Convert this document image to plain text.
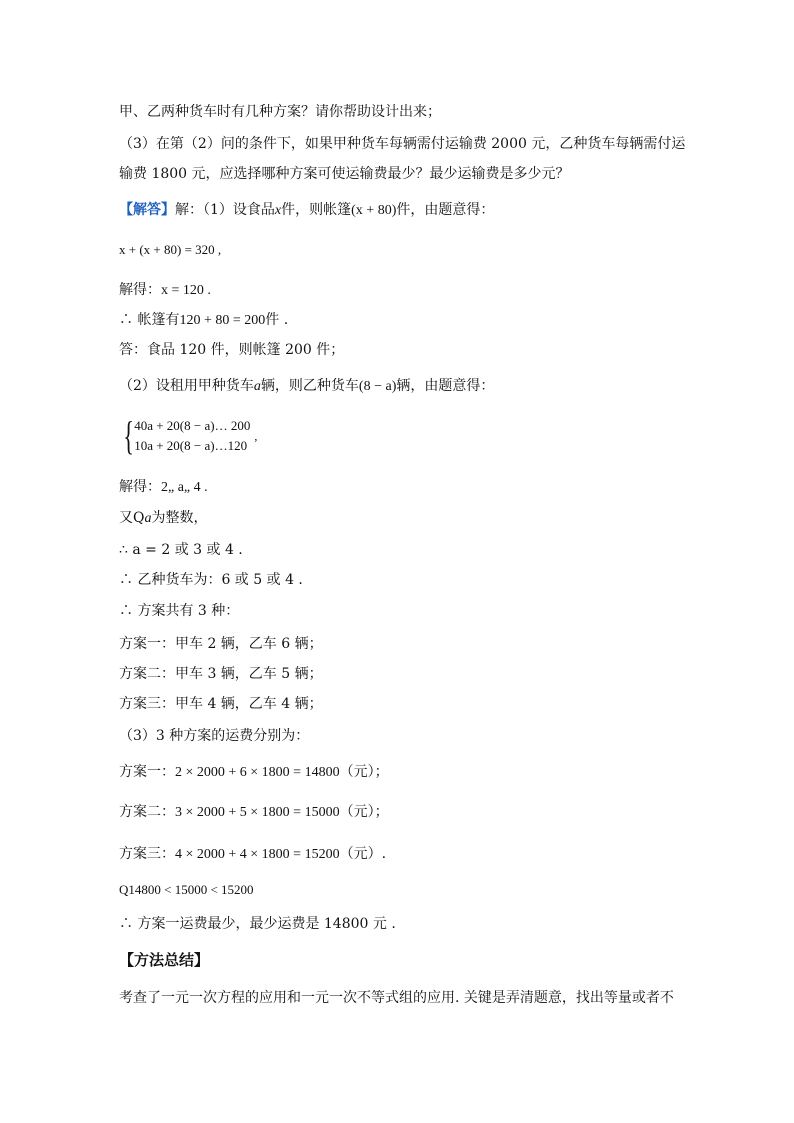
甲、乙两种货车时有几种方案？请你帮助设计出来；
（3）在第（2）问的条件下，如果甲种货车每辆需付运输费 2000 元，乙种货车每辆需付运
输费 1800 元，应选择哪种方案可使运输费最少？最少运输费是多少元？
【解答】解：（1）设食品x件，则帐篷(x + 80)件，由题意得：
x + (x + 80) = 320 ,
解得：x = 120 .
∴ 帐篷有120 + 80 = 200件 .
答：食品 120 件，则帐篷 200 件；
（2）设租用甲种货车a辆，则乙种货车(8 − a)辆，由题意得：
{ 40a + 20(8 − a)… 200
10a + 20(8 − a)…120
,
解得：2„ a„ 4 .
又Qa为整数，
∴ a = 2 或 3 或 4 .
∴ 乙种货车为：6 或 5 或 4 .
∴ 方案共有 3 种：
方案一：甲车 2 辆，乙车 6 辆；
方案二：甲车 3 辆，乙车 5 辆；
方案三：甲车 4 辆，乙车 4 辆；
（3）3 种方案的运费分别为：
方案一：2 × 2000 + 6 × 1800 = 14800（元）；
方案二：3 × 2000 + 5 × 1800 = 15000（元）；
方案三：4 × 2000 + 4 × 1800 = 15200（元）.
Q14800 < 15000 < 15200
∴ 方案一运费最少，最少运费是 14800 元 .
【方法总结】
考查了一元一次方程的应用和一元一次不等式组的应用. 关键是弄清题意，找出等量或者不
